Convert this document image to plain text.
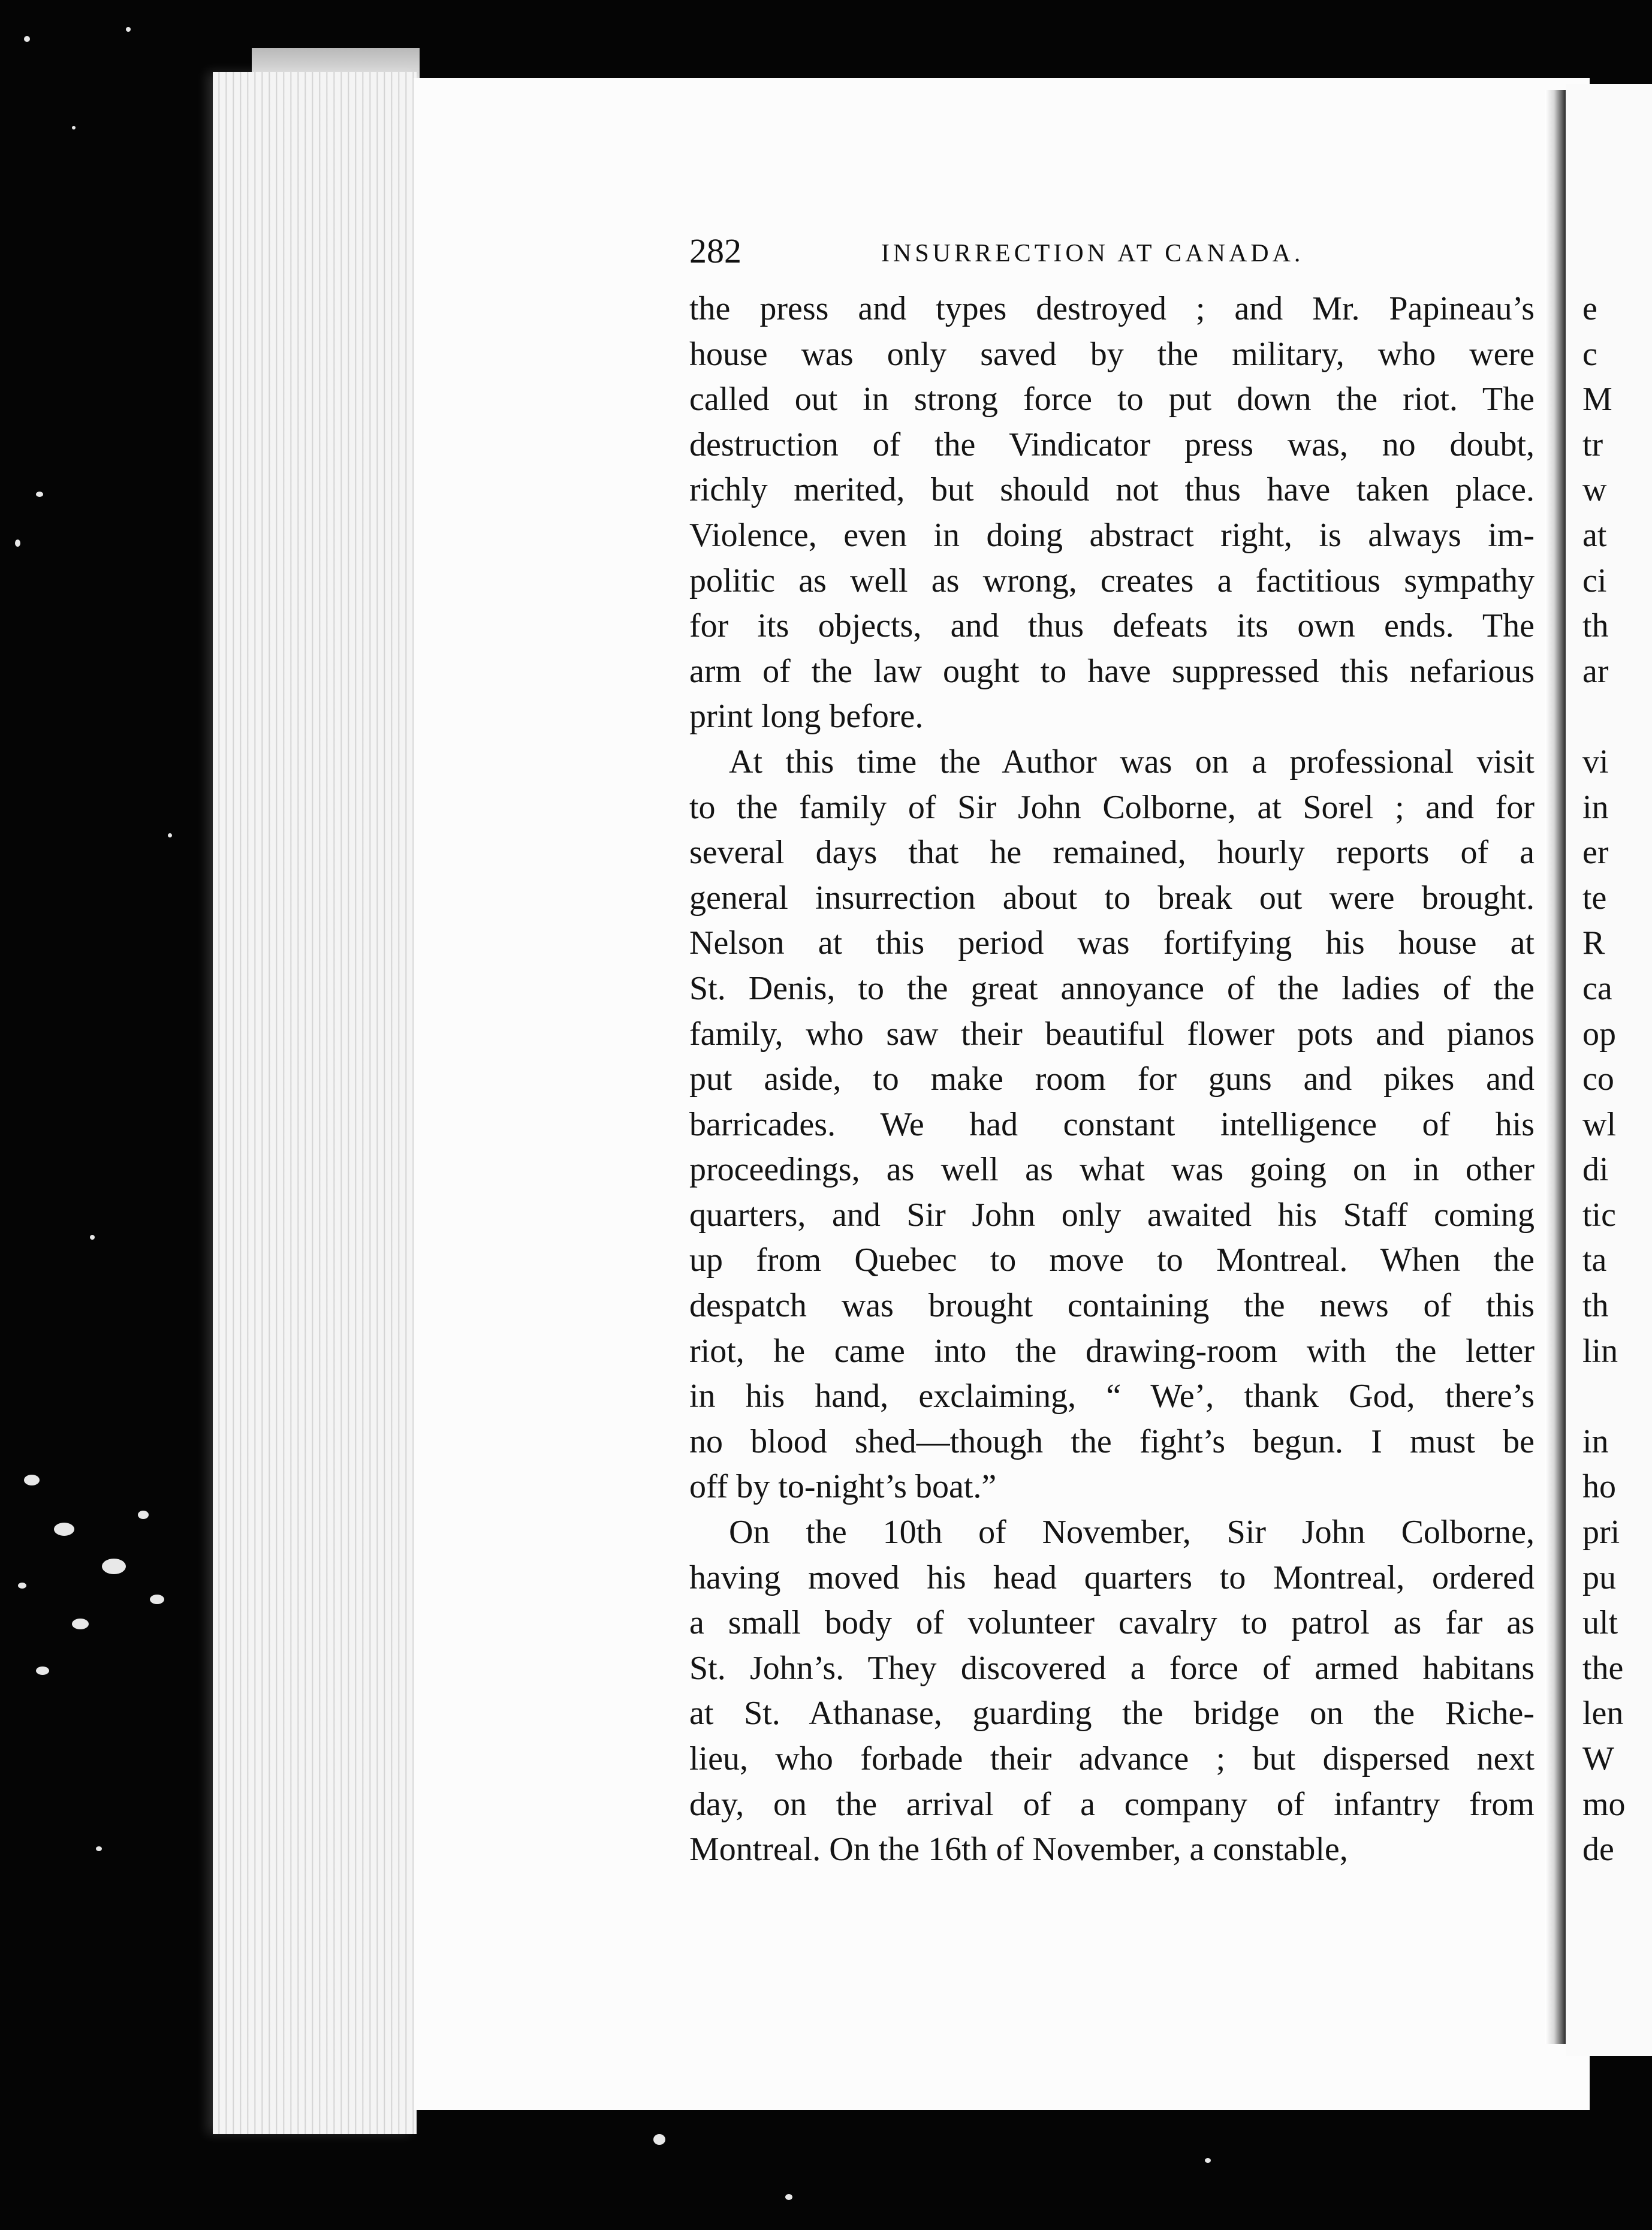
282	INSURRECTION AT CANADA.

the press and types destroyed ; and Mr. Papineau’s

house was only saved by the military, who were

called out in strong force to put down the riot. The

destruction of the Vindicator press was, no doubt,

richly merited, but should not thus have taken place.

Violence, even in doing abstract right, is always im-

politic as well as wrong, creates a factitious sympathy

for its objects, and thus defeats its own ends. The

arm of the law ought to have suppressed this nefarious

print long before.

At this time the Author was on a professional visit

to the family of Sir John Colborne, at Sorel ; and for

several days that he remained, hourly reports of a

general insurrection about to break out were brought.

Nelson at this period was fortifying his house at

St. Denis, to the great annoyance of the ladies of the

family, who saw their beautiful flower pots and pianos

put aside, to make room for guns and pikes and

barricades. We had constant intelligence of his

proceedings, as well as what was going on in other

quarters, and Sir John only awaited his Staff coming

up from Quebec to move to Montreal. When the

despatch was brought containing the news of this

riot, he came into the drawing-room with the letter

in his hand, exclaiming, “ We’, thank God, there’s

no blood shed—though the fight’s begun. I must be

off by to-night’s boat.”

On the 10th of November, Sir John Colborne,

having moved his head quarters to Montreal, ordered

a small body of volunteer cavalry to patrol as far as

St. John’s. They discovered a force of armed habitans

at St. Athanase, guarding the bridge on the Riche-

lieu, who forbade their advance ; but dispersed next

day, on the arrival of a company of infantry from

Montreal. On the 16th of November, a constable,

e
c
M
tr
w
at
ci
th
ar
vi
in
er
te
R
ca
op
co
wl
di
tic
ta
th
lin
in
ho
pri
pu
ult
the
len
W
mo
de
